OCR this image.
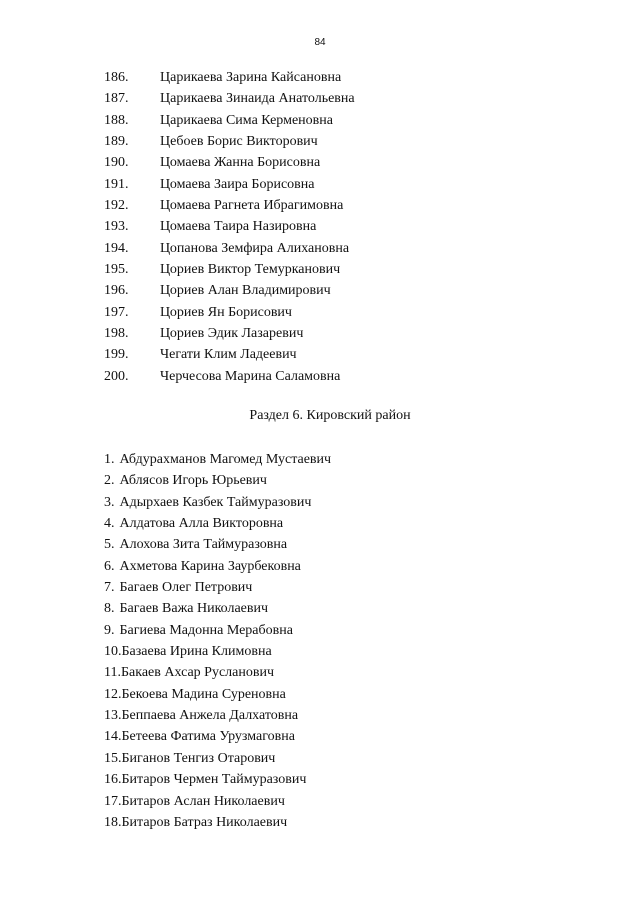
84
186. Царикаева Зарина Кайсановна
187. Царикаева Зинаида Анатольевна
188. Царикаева Сима Керменовна
189. Цебоев Борис Викторович
190. Цомаева Жанна Борисовна
191. Цомаева Заира Борисовна
192. Цомаева Рагнета Ибрагимовна
193. Цомаева Таира Назировна
194. Цопанова Земфира Алихановна
195. Цориев Виктор Темурканович
196. Цориев Алан Владимирович
197. Цориев Ян Борисович
198. Цориев Эдик Лазаревич
199. Чегати Клим Ладеевич
200. Черчесова Марина Саламовна
Раздел 6. Кировский район
1. Абдурахманов Магомед Мустаевич
2. Аблясов Игорь Юрьевич
3. Адырхаев Казбек Таймуразович
4. Алдатова Алла Викторовна
5. Алохова Зита Таймуразовна
6. Ахметова Карина Заурбековна
7. Багаев Олег Петрович
8. Багаев Важа Николаевич
9. Багиева Мадонна Мерабовна
10.Базаева Ирина Климовна
11.Бакаев Ахсар Русланович
12.Бекоева Мадина Суреновна
13.Беппаева Анжела Далхатовна
14.Бетеева Фатима Урузмаговна
15.Биганов Тенгиз Отарович
16.Битаров Чермен Таймуразович
17.Битаров Аслан Николаевич
18.Битаров Батраз Николаевич
